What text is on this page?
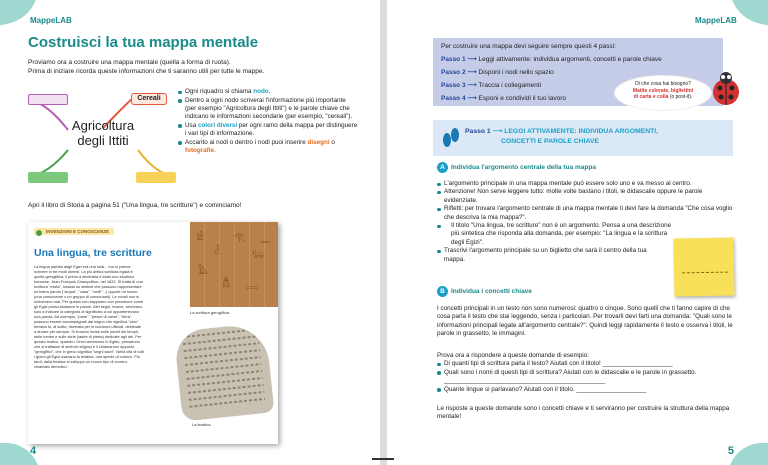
MappeLAB
Costruisci la tua mappa mentale
Proviamo ora a costruire una mappa mentale (quella a forma di ruota).
Prima di iniziare ricorda queste informazioni che ti saranno utili per tutte le mappe.
Cereali
Agricoltura
degli Ittiti
Ogni riquadro si chiama nodo.
Dentro a ogni nodo scriverai l'informazione più importante (per esempio "Agricoltura degli Ittiti") e le parole chiave che indicano le informazioni secondarie (per esempio, "cereali").
Usa colori diversi per ogni ramo della mappa per distinguere i vari tipi di informazione.
Accanto ai nodi o dentro i nodi puoi inserire disegni o fotografie.
Apri il libro di Storia a pagina 51 ("Una lingua, tre scritture") e cominciamo!
INVENZIONI E CONOSCENZE
Una lingua, tre scritture
La lingua parlata dagli Egizi era una sola... ma si poteva scrivere in tre modi diversi. La più antica scrittura egizia è quella geroglifica, il primo a decifrarla è stato uno studioso francese, Jean-François Champollion, nel 1822. Si tratta di una scrittura "mista", basata su simboli che possono rappresentare un'intera parola ("acqua", "casa", "vedi!"...) oppure un suono (una consonante o un gruppo di consonanti). Le vocali non si scrivevano mai. Per questo non sappiamo con precisione come gli Egizi pronunciassero le parole. Altri segni, invece, servivano solo a indicare la categoria di significato a cui appartenevano una parola. Ad esempio, "pane", "pesce di carne", "birra" possono essere accompagnati dal segno che significa "cibo". Ieratica fu, di solito, riservata per le iscrizioni ufficiali, destinate a durare per sempre. Si trovano incise sulle pareti dei templi, nelle tombe e sulle stele (lastre di pietra) dedicate agli dèi. Per questo motivo, quando i Greci arrivarono in Egitto, pensarono che si trattasse di simboli religiosi e li chiamarono appunto "geroglifici", che in greco significa "segni sacri". Nella vita di tutti i giorni gli Egizi usavano la ieratica, una specie di corsivo. Più tardi, dalla ieratica si sviluppò un nuovo tipo di corsivo, chiamato demotico.
𓀀
𓁐
𓂀
𓃒
𓅓
𓆣 𓇯
𓈖
La scrittura geroglifica.
La ieratica.
4
MappeLAB
Per costruire una mappa devi seguire sempre questi 4 passi:
Passo 1 ⟶ Leggi attivamente: individua argomenti, concetti e parole chiave
Passo 2 ⟶ Disponi i nodi nello spazio
Passo 3 ⟶ Traccia i collegamenti
Passo 4 ⟶ Esponi e condividi il tuo lavoro
Di che cosa hai bisogno?
Matite colorate, bigliettini
di carta e colla (o post-it).
Passo 1 ⟶ LEGGI ATTIVAMENTE: INDIVIDUA ARGOMENTI,
CONCETTI E PAROLE CHIAVE
A Individua l'argomento centrale della tua mappa
L'argomento principale in una mappa mentale può essere solo uno e va messo al centro.
Attenzione! Non serve leggere tutto: molte volte bastano i titoli, le didascalie oppure le parole evidenziate.
Rifletti: per trovare l'argomento centrale di una mappa mentale ti devi fare la domanda "Che cosa voglio che descriva la mia mappa?".
Il titolo "Una lingua, tre scritture" non è un argomento. Pensa a una descrizione più sintetica che risponda alla domanda, per esempio: "La lingua e la scrittura degli Egizi".
Trascrivi l'argomento principale su un biglietto che sarà il centro della tua mappa.
B Individua i concetti chiave
I concetti principali in un testo non sono numerosi: quattro o cinque. Sono quelli che ti fanno capire di che cosa parla il testo che stai leggendo, senza i particolari. Per trovarli devi farti una domanda: "Quali sono le informazioni principali legate all'argomento centrale?". Quindi leggi rapidamente il testo e osserva i titoli, le parole in grassetto, le immagini.
Prova ora a rispondere a queste domande di esempio:
Di quanti tipi di scrittura parla il testo? Aiutati con il titolo! ____________________
Quali sono i nomi di questi tipi di scrittura? Aiutati con le didascalie e le parole in grassetto. ______________________________________________
Quante lingue si parlavano? Aiutati con il titolo. ____________________
Le risposte a queste domande sono i concetti chiave e ti serviranno per costruire la struttura della mappa mentale!
5
